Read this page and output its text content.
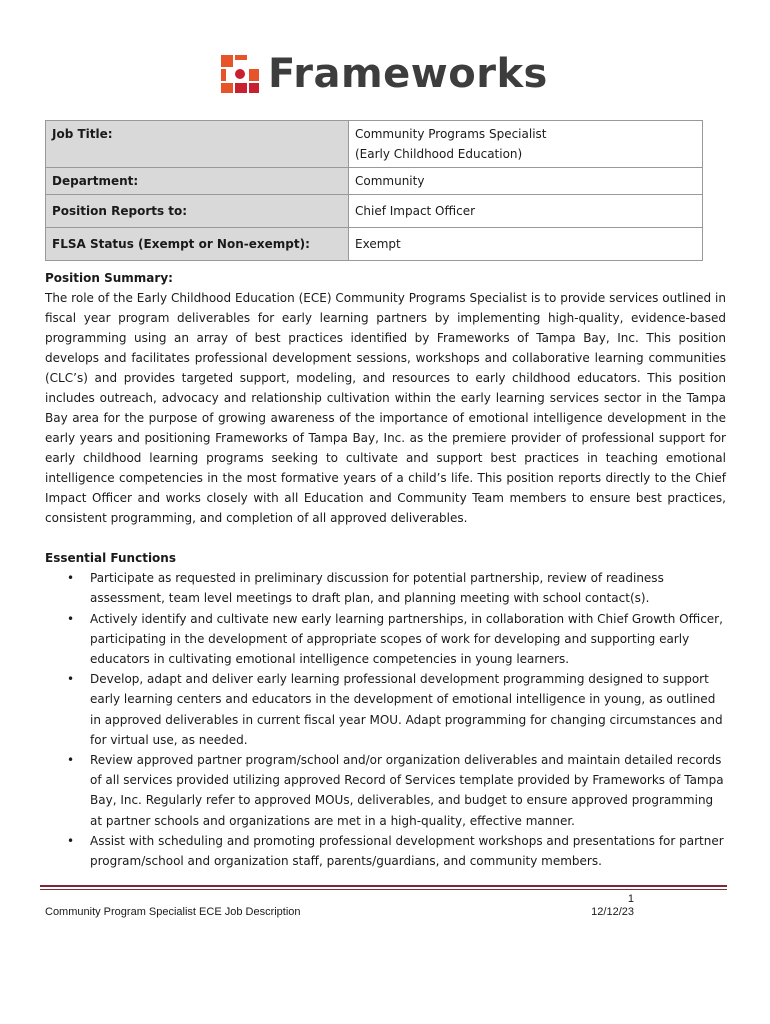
Frameworks
Job Title:	Community Programs Specialist
(Early Childhood Education)

Department:	Community
Position Reports to:	Chief Impact Officer
FLSA Status (Exempt or Non-exempt):	Exempt
Position Summary:

The role of the Early Childhood Education (ECE) Community Programs Specialist is to provide services outlined in fiscal year program deliverables for early learning partners by implementing high-quality, evidence-based programming using an array of best practices identified by Frameworks of Tampa Bay, Inc. This position develops and facilitates professional development sessions, workshops and collaborative learning communities (CLC’s) and provides targeted support, modeling, and resources to early childhood educators. This position includes outreach, advocacy and relationship cultivation within the early learning services sector in the Tampa Bay area for the purpose of growing awareness of the importance of emotional intelligence development in the early years and positioning Frameworks of Tampa Bay, Inc. as the premiere provider of professional support for early childhood learning programs seeking to cultivate and support best practices in teaching emotional intelligence competencies in the most formative years of a child’s life. This position reports directly to the Chief Impact Officer and works closely with all Education and Community Team members to ensure best practices, consistent programming, and completion of all approved deliverables.

Essential Functions
• Participate as requested in preliminary discussion for potential partnership, review of readiness assessment, team level meetings to draft plan, and planning meeting with school contact(s).
• Actively identify and cultivate new early learning partnerships, in collaboration with Chief Growth Officer, participating in the development of appropriate scopes of work for developing and supporting early educators in cultivating emotional intelligence competencies in young learners.
• Develop, adapt and deliver early learning professional development programming designed to support early learning centers and educators in the development of emotional intelligence in young, as outlined in approved deliverables in current fiscal year MOU. Adapt programming for changing circumstances and for virtual use, as needed.
• Review approved partner program/school and/or organization deliverables and maintain detailed records of all services provided utilizing approved Record of Services template provided by Frameworks of Tampa Bay, Inc. Regularly refer to approved MOUs, deliverables, and budget to ensure approved programming at partner schools and organizations are met in a high-quality, effective manner.
• Assist with scheduling and promoting professional development workshops and presentations for partner program/school and organization staff, parents/guardians, and community members.
Community Program Specialist ECE Job Description
1
12/12/23
